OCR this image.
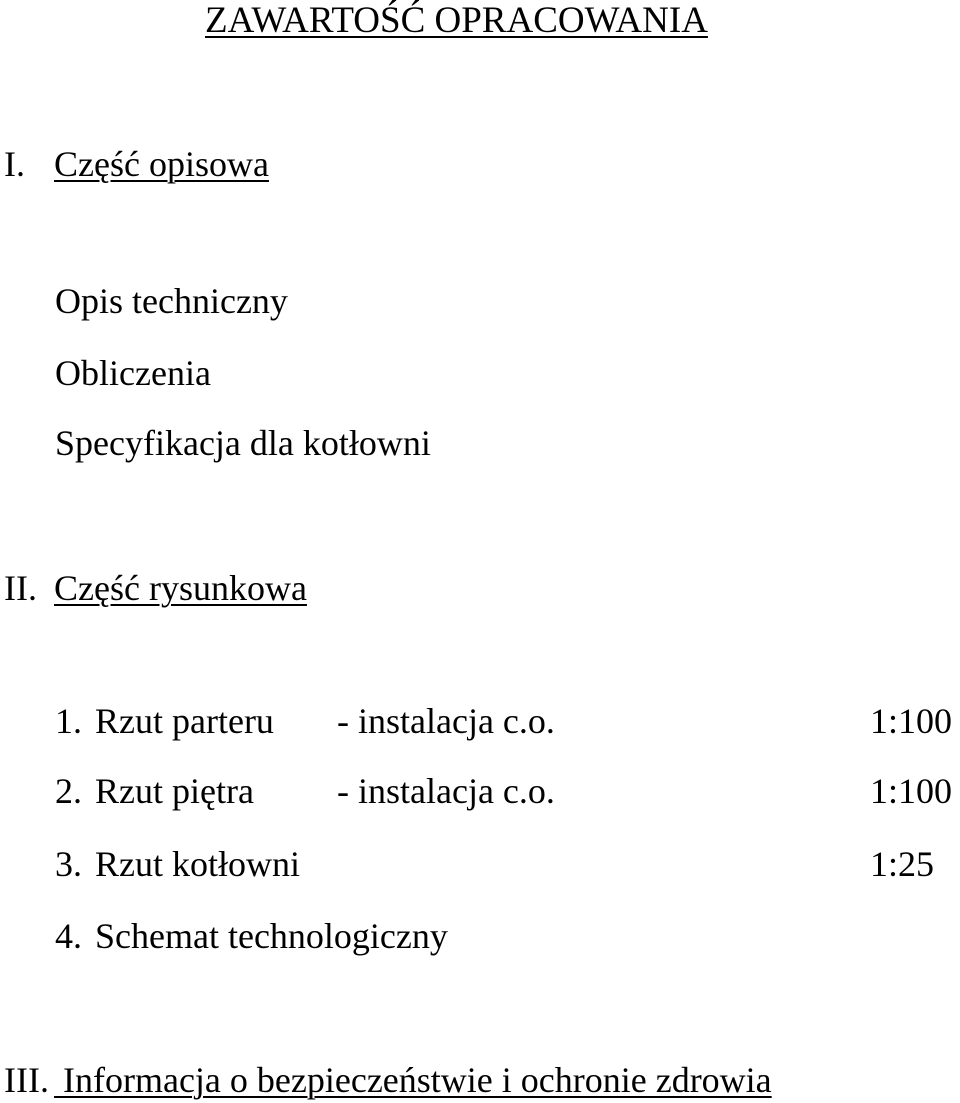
ZAWARTOŚĆ OPRACOWANIA
I. Część opisowa
Opis techniczny
Obliczenia
Specyfikacja dla kotłowni
II. Część rysunkowa
1. Rzut parteru - instalacja c.o.	1:100
2. Rzut piętra - instalacja c.o.	1:100
3. Rzut kotłowni	1:25
4. Schemat technologiczny
III. Informacja o bezpieczeństwie i ochronie zdrowia
